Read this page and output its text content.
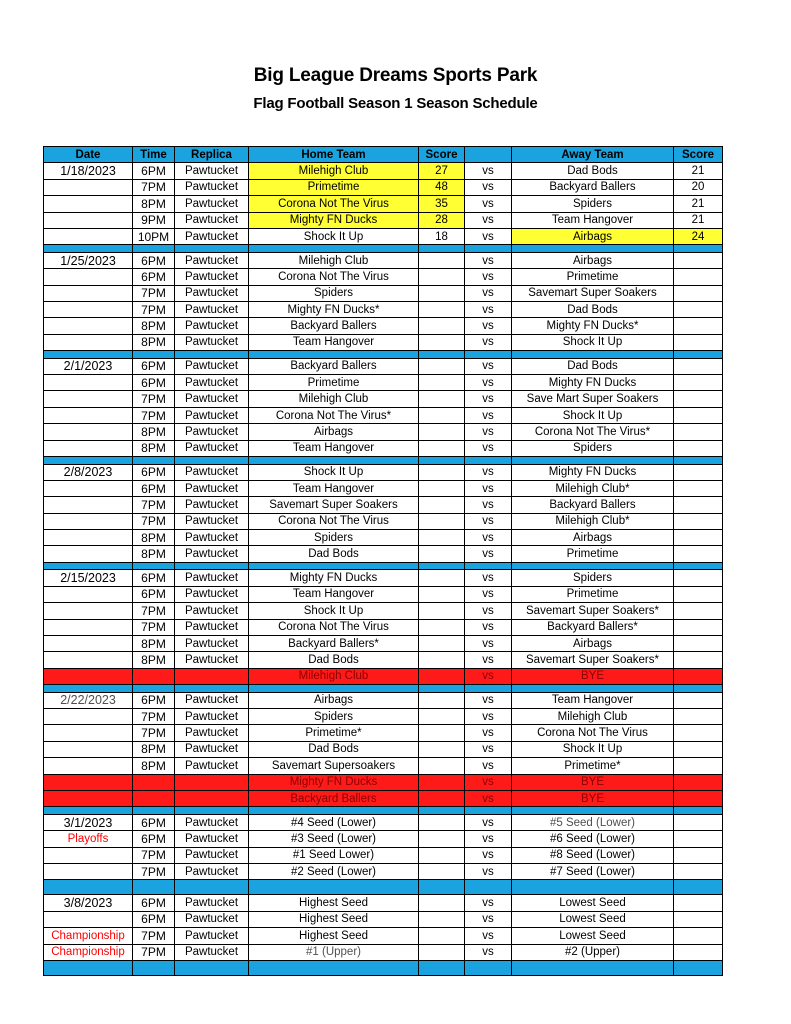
Big League Dreams Sports Park
Flag Football Season 1 Season Schedule
Date	Time	Replica	Home Team	Score		Away Team	Score
1/18/2023	6PM	Pawtucket	Milehigh Club	27	vs	Dad Bods	21
	7PM	Pawtucket	Primetime	48	vs	Backyard Ballers	20
	8PM	Pawtucket	Corona Not The Virus	35	vs	Spiders	21
	9PM	Pawtucket	Mighty FN Ducks	28	vs	Team Hangover	21
	10PM	Pawtucket	Shock It Up	18	vs	Airbags	24

1/25/2023	6PM	Pawtucket	Milehigh Club		vs	Airbags	
	6PM	Pawtucket	Corona Not The Virus		vs	Primetime	
	7PM	Pawtucket	Spiders		vs	Savemart Super Soakers	
	7PM	Pawtucket	Mighty FN Ducks*		vs	Dad Bods	
	8PM	Pawtucket	Backyard Ballers		vs	Mighty FN Ducks*	
	8PM	Pawtucket	Team Hangover		vs	Shock It Up	

2/1/2023	6PM	Pawtucket	Backyard Ballers		vs	Dad Bods	
	6PM	Pawtucket	Primetime		vs	Mighty FN Ducks	
	7PM	Pawtucket	Milehigh Club		vs	Save Mart Super Soakers	
	7PM	Pawtucket	Corona Not The Virus*		vs	Shock It Up	
	8PM	Pawtucket	Airbags		vs	Corona Not The Virus*	
	8PM	Pawtucket	Team Hangover		vs	Spiders	

2/8/2023	6PM	Pawtucket	Shock It Up		vs	Mighty FN Ducks	
	6PM	Pawtucket	Team Hangover		vs	Milehigh Club*	
	7PM	Pawtucket	Savemart Super Soakers		vs	Backyard Ballers	
	7PM	Pawtucket	Corona Not The Virus		vs	Milehigh Club*	
	8PM	Pawtucket	Spiders		vs	Airbags	
	8PM	Pawtucket	Dad Bods		vs	Primetime	

2/15/2023	6PM	Pawtucket	Mighty FN Ducks		vs	Spiders	
	6PM	Pawtucket	Team Hangover		vs	Primetime	
	7PM	Pawtucket	Shock It Up		vs	Savemart Super Soakers*	
	7PM	Pawtucket	Corona Not The Virus		vs	Backyard Ballers*	
	8PM	Pawtucket	Backyard Ballers*		vs	Airbags	
	8PM	Pawtucket	Dad Bods		vs	Savemart Super Soakers*	
			Milehigh Club		vs	BYE	

2/22/2023	6PM	Pawtucket	Airbags		vs	Team Hangover	
	7PM	Pawtucket	Spiders		vs	Milehigh Club	
	7PM	Pawtucket	Primetime*		vs	Corona Not The Virus	
	8PM	Pawtucket	Dad Bods		vs	Shock It Up	
	8PM	Pawtucket	Savemart Supersoakers		vs	Primetime*	
			Mighty FN Ducks		vs	BYE	
			Backyard Ballers		vs	BYE	

3/1/2023	6PM	Pawtucket	#4 Seed (Lower)		vs	#5 Seed (Lower)	
Playoffs	6PM	Pawtucket	#3 Seed (Lower)		vs	#6 Seed (Lower)	
	7PM	Pawtucket	#1 Seed Lower)		vs	#8 Seed (Lower)	
	7PM	Pawtucket	#2 Seed (Lower)		vs	#7 Seed (Lower)	

3/8/2023	6PM	Pawtucket	Highest Seed		vs	Lowest Seed	
	6PM	Pawtucket	Highest Seed		vs	Lowest Seed	
Championship	7PM	Pawtucket	Highest Seed		vs	Lowest Seed	
Championship	7PM	Pawtucket	#1 (Upper)		vs	#2 (Upper)	
